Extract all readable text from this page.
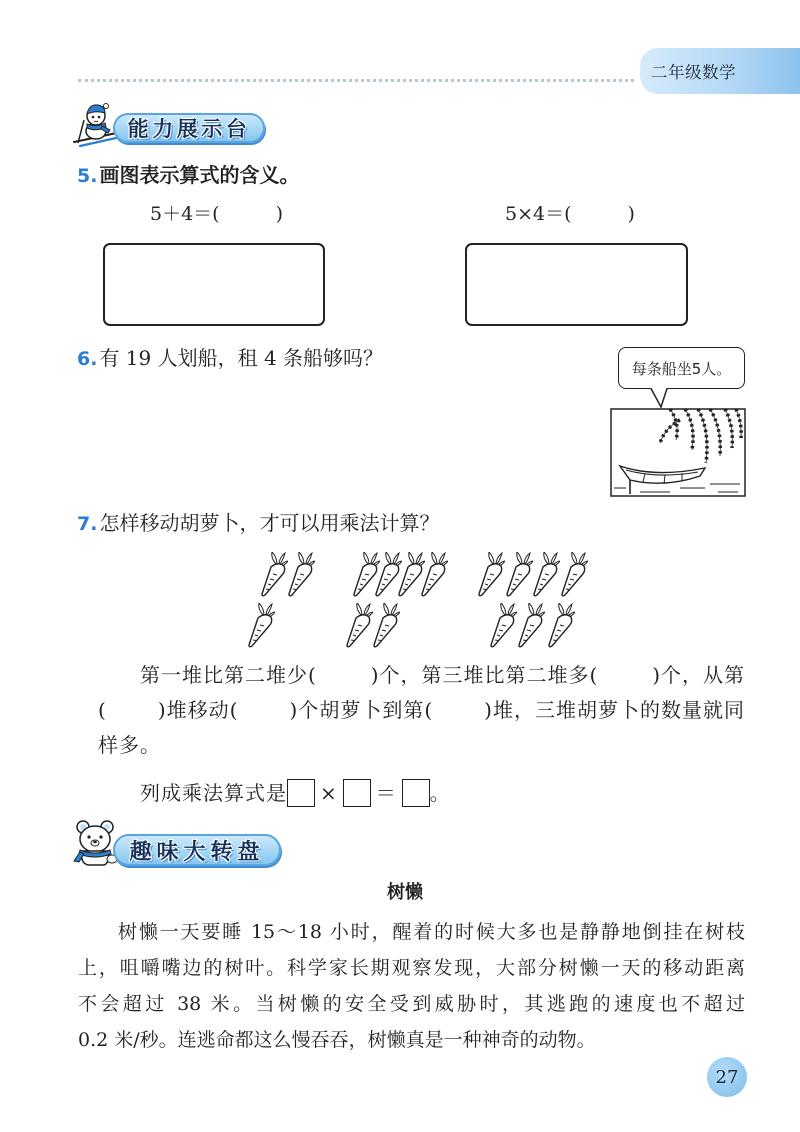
二年级数学
能力展示台
5. 画图表示算式的含义。
5＋4＝(	)	5×4＝(	)
6. 有 19 人划船，租 4 条船够吗？	每条船坐5人。
7. 怎样移动胡萝卜，才可以用乘法计算？
第一堆比第二堆少(	)个，第三堆比第二堆多(	)个，从第
(	)堆移动(	)个胡萝卜到第(	)堆，三堆胡萝卜的数量就同
样多。
列成乘法算式是 × ＝ 。
趣味大转盘
树懒
树懒一天要睡 15～18 小时，醒着的时候大多也是静静地倒挂在树枝
上，咀嚼嘴边的树叶。科学家长期观察发现，大部分树懒一天的移动距离
不会超过 38 米。当树懒的安全受到威胁时，其逃跑的速度也不超过
0.2 米/秒。连逃命都这么慢吞吞，树懒真是一种神奇的动物。
27
